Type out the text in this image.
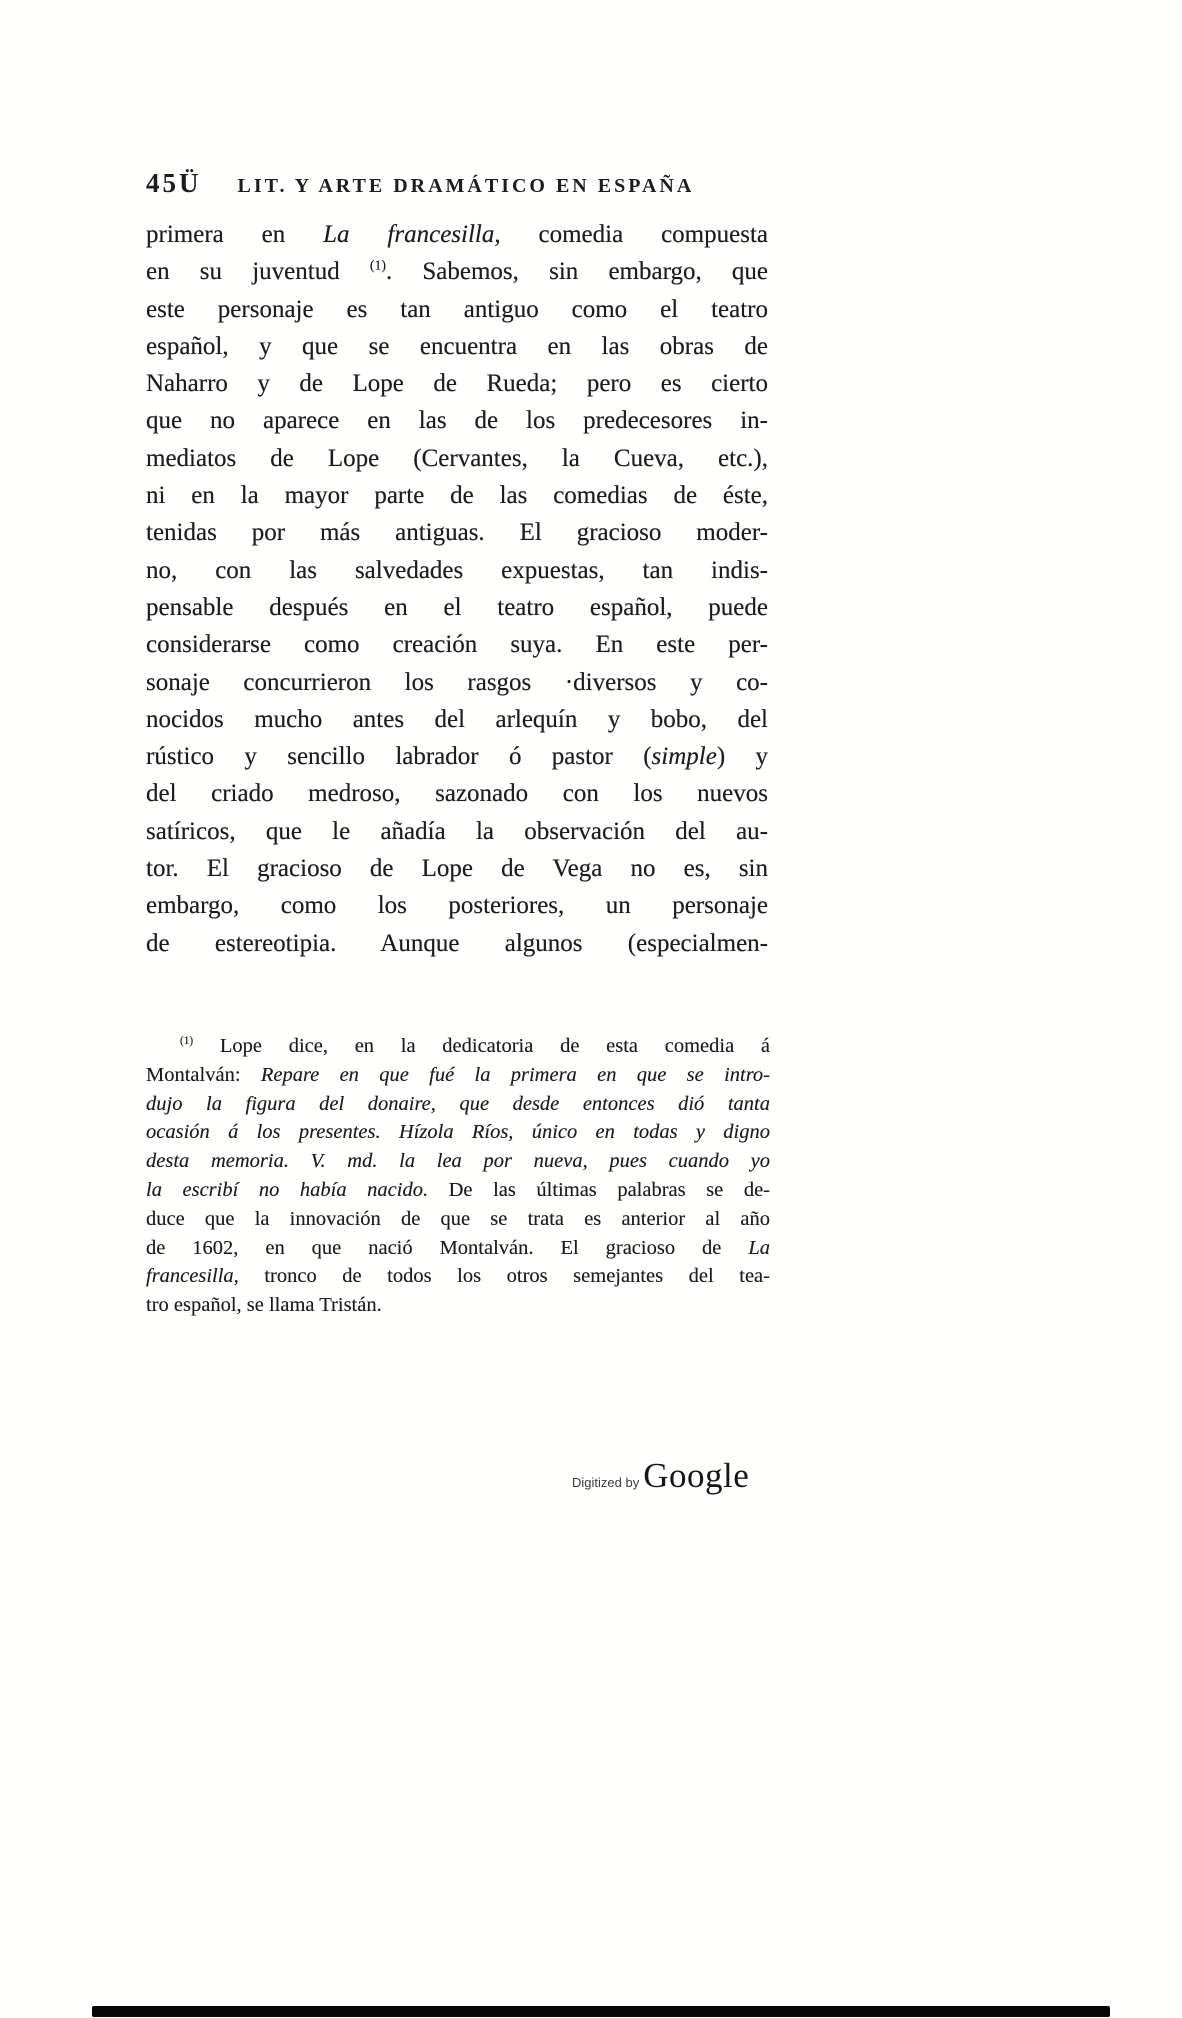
45Ü LIT. Y ARTE DRAMÁTICO EN ESPAÑA
primera en La francesilla, comedia compuesta
en su juventud $^{(1)}$. Sabemos, sin embargo, que
este personaje es tan antiguo como el teatro
español, y que se encuentra en las obras de
Naharro y de Lope de Rueda; pero es cierto
que no aparece en las de los predecesores in-
mediatos de Lope (Cervantes, la Cueva, etc.),
ni en la mayor parte de las comedias de éste,
tenidas por más antiguas. El gracioso moder-
no, con las salvedades expuestas, tan indis-
pensable después en el teatro español, puede
considerarse como creación suya. En este per-
sonaje concurrieron los rasgos ·diversos y co-
nocidos mucho antes del arlequín y bobo, del
rústico y sencillo labrador ó pastor (simple) y
del criado medroso, sazonado con los nuevos
satíricos, que le añadía la observación del au-
tor. El gracioso de Lope de Vega no es, sin
embargo, como los posteriores, un personaje
de estereotipia. Aunque algunos (especialmen-
$^{(1)}$ Lope dice, en la dedicatoria de esta comedia á
Montalván: Repare en que fué la primera en que se intro-
dujo la figura del donaire, que desde entonces dió tanta
ocasión á los presentes. Hízola Ríos, único en todas y digno
desta memoria. V. md. la lea por nueva, pues cuando yo
la escribí no había nacido. De las últimas palabras se de-
duce que la innovación de que se trata es anterior al año
de 1602, en que nació Montalván. El gracioso de La
francesilla, tronco de todos los otros semejantes del tea-
tro español, se llama Tristán.
Digitized by Google
